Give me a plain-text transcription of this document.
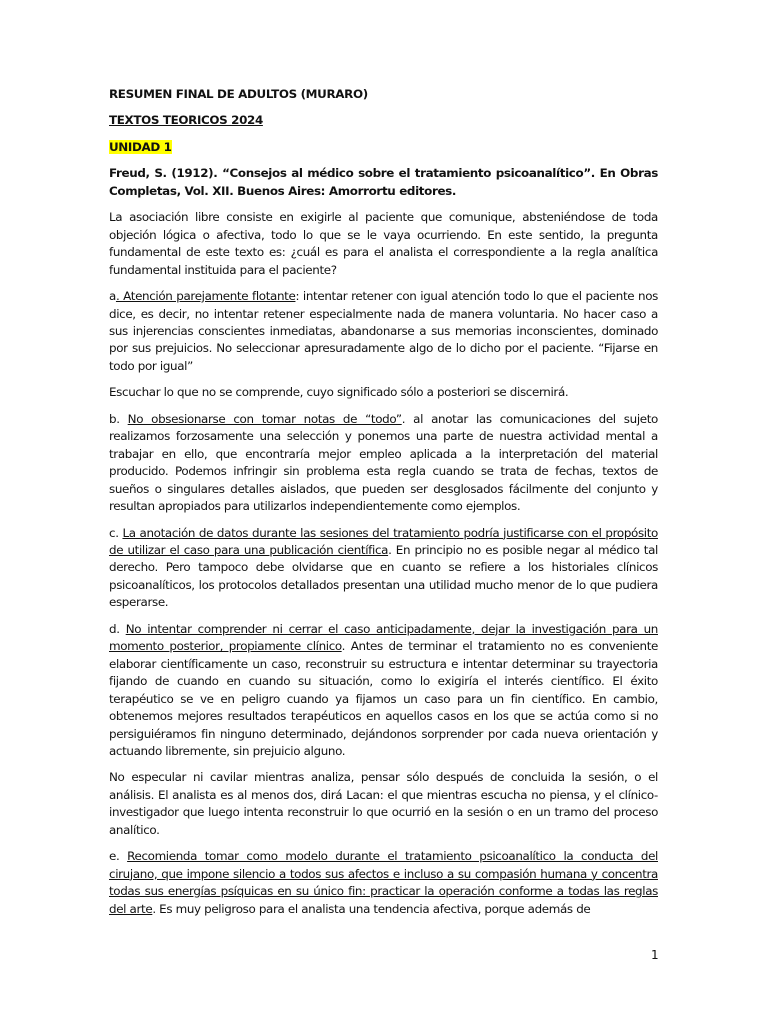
RESUMEN FINAL DE ADULTOS (MURARO)

TEXTOS TEORICOS 2024

UNIDAD 1

Freud, S. (1912). “Consejos al médico sobre el tratamiento psicoanalítico”. En Obras Completas, Vol. XII. Buenos Aires: Amorrortu editores.

La asociación libre consiste en exigirle al paciente que comunique, absteniéndose de toda objeción lógica o afectiva, todo lo que se le vaya ocurriendo. En este sentido, la pregunta fundamental de este texto es: ¿cuál es para el analista el correspondiente a la regla analítica fundamental instituida para el paciente?

a. Atención parejamente flotante: intentar retener con igual atención todo lo que el paciente nos dice, es decir, no intentar retener especialmente nada de manera voluntaria. No hacer caso a sus injerencias conscientes inmediatas, abandonarse a sus memorias inconscientes, dominado por sus prejuicios. No seleccionar apresuradamente algo de lo dicho por el paciente. “Fijarse en todo por igual”

Escuchar lo que no se comprende, cuyo significado sólo a posteriori se discernirá.

b. No obsesionarse con tomar notas de “todo”. al anotar las comunicaciones del sujeto realizamos forzosamente una selección y ponemos una parte de nuestra actividad mental a trabajar en ello, que encontraría mejor empleo aplicada a la interpretación del material producido. Podemos infringir sin problema esta regla cuando se trata de fechas, textos de sueños o singulares detalles aislados, que pueden ser desglosados fácilmente del conjunto y resultan apropiados para utilizarlos independientemente como ejemplos.

c. La anotación de datos durante las sesiones del tratamiento podría justificarse con el propósito de utilizar el caso para una publicación científica. En principio no es posible negar al médico tal derecho. Pero tampoco debe olvidarse que en cuanto se refiere a los historiales clínicos psicoanalíticos, los protocolos detallados presentan una utilidad mucho menor de lo que pudiera esperarse.

d. No intentar comprender ni cerrar el caso anticipadamente, dejar la investigación para un momento posterior, propiamente clínico. Antes de terminar el tratamiento no es conveniente elaborar científicamente un caso, reconstruir su estructura e intentar determinar su trayectoria fijando de cuando en cuando su situación, como lo exigiría el interés científico. El éxito terapéutico se ve en peligro cuando ya fijamos un caso para un fin científico. En cambio, obtenemos mejores resultados terapéuticos en aquellos casos en los que se actúa como si no persiguiéramos fin ninguno determinado, dejándonos sorprender por cada nueva orientación y actuando libremente, sin prejuicio alguno.

No especular ni cavilar mientras analiza, pensar sólo después de concluida la sesión, o el análisis. El analista es al menos dos, dirá Lacan: el que mientras escucha no piensa, y el clínico-investigador que luego intenta reconstruir lo que ocurrió en la sesión o en un tramo del proceso analítico.

e. Recomienda tomar como modelo durante el tratamiento psicoanalítico la conducta del cirujano, que impone silencio a todos sus afectos e incluso a su compasión humana y concentra todas sus energías psíquicas en su único fin: practicar la operación conforme a todas las reglas del arte. Es muy peligroso para el analista una tendencia afectiva, porque además de

1
